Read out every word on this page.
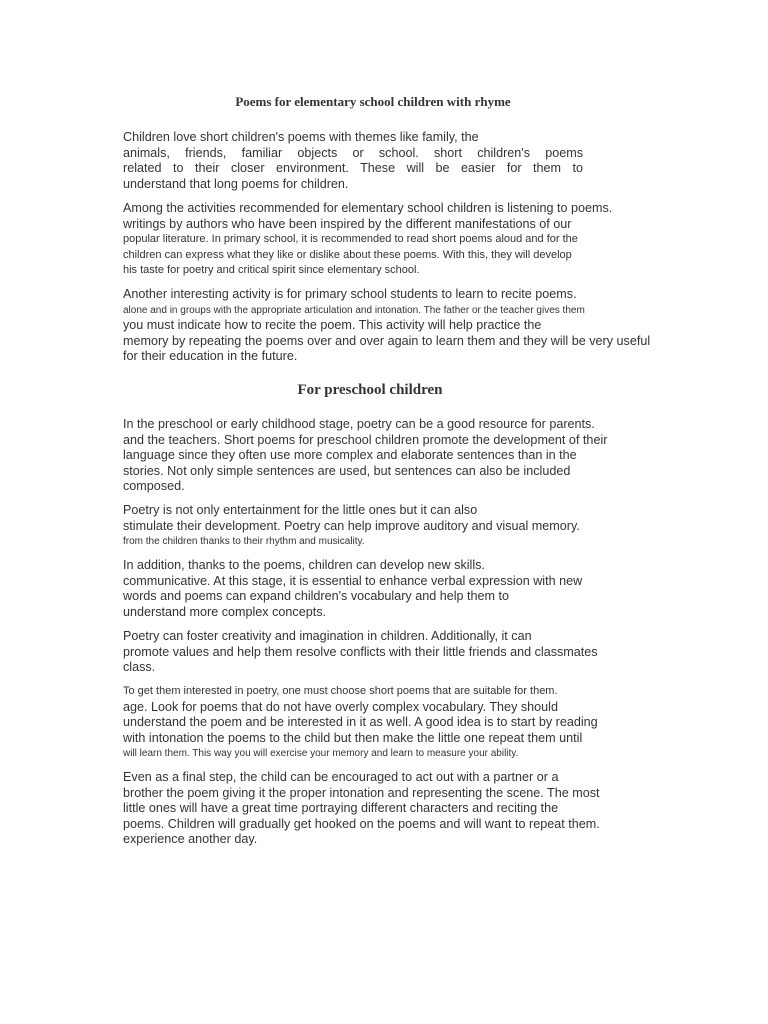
Poems for elementary school children with rhyme
Children love short children's poems with themes like family, the
animals, friends, familiar objects or school. short children's poems
related to their closer environment. These will be easier for them to
understand that long poems for children.
Among the activities recommended for elementary school children is listening to poems.
writings by authors who have been inspired by the different manifestations of our
popular literature. In primary school, it is recommended to read short poems aloud and for the
children can express what they like or dislike about these poems. With this, they will develop
his taste for poetry and critical spirit since elementary school.
Another interesting activity is for primary school students to learn to recite poems.
alone and in groups with the appropriate articulation and intonation. The father or the teacher gives them
you must indicate how to recite the poem. This activity will help practice the
memory by repeating the poems over and over again to learn them and they will be very useful
for their education in the future.
For preschool children
In the preschool or early childhood stage, poetry can be a good resource for parents.
and the teachers. Short poems for preschool children promote the development of their
language since they often use more complex and elaborate sentences than in the
stories. Not only simple sentences are used, but sentences can also be included
composed.
Poetry is not only entertainment for the little ones but it can also
stimulate their development. Poetry can help improve auditory and visual memory.
from the children thanks to their rhythm and musicality.
In addition, thanks to the poems, children can develop new skills.
communicative. At this stage, it is essential to enhance verbal expression with new
words and poems can expand children's vocabulary and help them to
understand more complex concepts.
Poetry can foster creativity and imagination in children. Additionally, it can
promote values and help them resolve conflicts with their little friends and classmates
class.
To get them interested in poetry, one must choose short poems that are suitable for them.
age. Look for poems that do not have overly complex vocabulary. They should
understand the poem and be interested in it as well. A good idea is to start by reading
with intonation the poems to the child but then make the little one repeat them until
will learn them. This way you will exercise your memory and learn to measure your ability.
Even as a final step, the child can be encouraged to act out with a partner or a
brother the poem giving it the proper intonation and representing the scene. The most
little ones will have a great time portraying different characters and reciting the
poems. Children will gradually get hooked on the poems and will want to repeat them.
experience another day.
